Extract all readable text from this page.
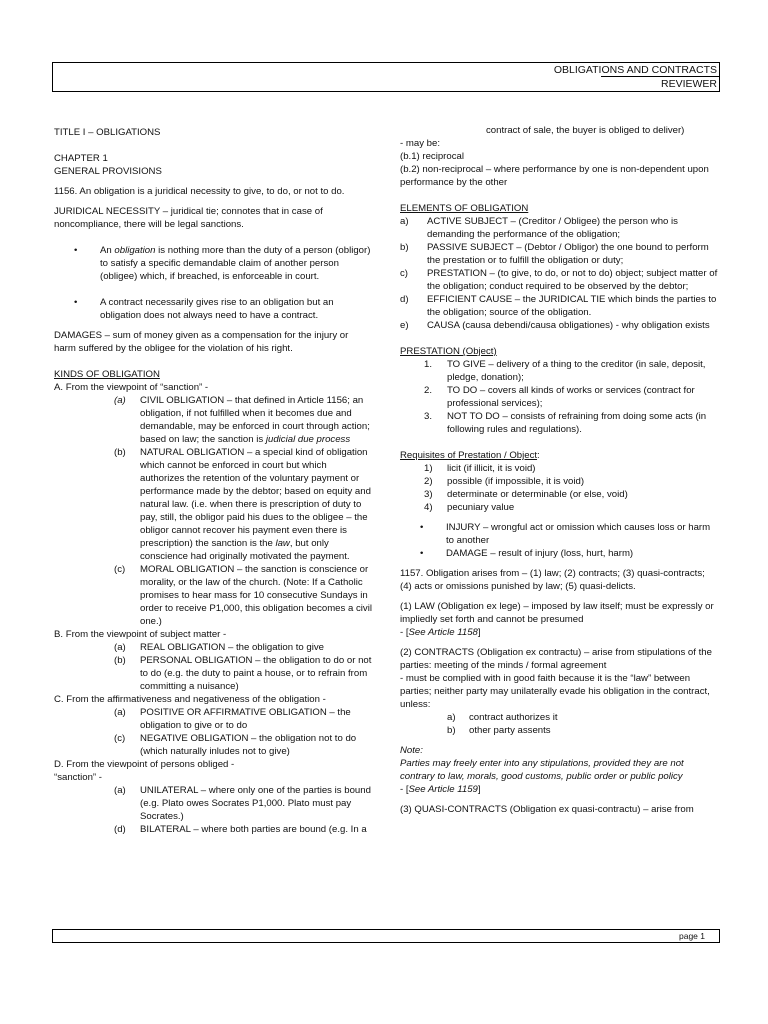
OBLIGATIONS AND CONTRACTS
REVIEWER

TITLE I – OBLIGATIONS

CHAPTER 1

GENERAL PROVISIONS

1156. An obligation is a juridical necessity to give, to do, or not to do.

JURIDICAL NECESSITY – juridical tie; connotes that in case of noncompliance, there will be legal sanctions.

• An obligation is nothing more than the duty of a person (obligor) to satisfy a specific demandable claim of another person (obligee) which, if breached, is enforceable in court.
• A contract necessarily gives rise to an obligation but an obligation does not always need to have a contract.

DAMAGES – sum of money given as a compensation for the injury or harm suffered by the obligee for the violation of his right.

KINDS OF OBLIGATION

A. From the viewpoint of “sanction” -

(a) CIVIL OBLIGATION – that defined in Article 1156; an obligation, if not fulfilled when it becomes due and demandable, may be enforced in court through action; based on law; the sanction is judicial due process
(b) NATURAL OBLIGATION – a special kind of obligation which cannot be enforced in court but which authorizes the retention of the voluntary payment or performance made by the debtor; based on equity and natural law. (i.e. when there is prescription of duty to pay, still, the obligor paid his dues to the obligee – the obligor cannot recover his payment even there is prescription) the sanction is the law, but only conscience had originally motivated the payment.
(c) MORAL OBLIGATION – the sanction is conscience or morality, or the law of the church. (Note: If a Catholic promises to hear mass for 10 consecutive Sundays in order to receive P1,000, this obligation becomes a civil one.)

B. From the viewpoint of subject matter -

(a) REAL OBLIGATION – the obligation to give
(b) PERSONAL OBLIGATION – the obligation to do or not to do (e.g. the duty to paint a house, or to refrain from committing a nuisance)

C. From the affirmativeness and negativeness of the obligation -

(a) POSITIVE OR AFFIRMATIVE OBLIGATION – the obligation to give or to do
(c) NEGATIVE OBLIGATION – the obligation not to do (which naturally inludes not to give)

D. From the viewpoint of persons obliged -

“sanction” -

(a) UNILATERAL – where only one of the parties is bound (e.g. Plato owes Socrates P1,000. Plato must pay Socrates.)
(d) BILATERAL – where both parties are bound (e.g. In a

contract of sale, the buyer is obliged to deliver)

- may be:

(b.1) reciprocal

(b.2) non-reciprocal – where performance by one is non-dependent upon performance by the other

ELEMENTS OF OBLIGATION

a) ACTIVE SUBJECT – (Creditor / Obligee) the person who is demanding the performance of the obligation;
b) PASSIVE SUBJECT – (Debtor / Obligor) the one bound to perform the prestation or to fulfill the obligation or duty;
c) PRESTATION – (to give, to do, or not to do) object; subject matter of the obligation; conduct required to be observed by the debtor;
d) EFFICIENT CAUSE – the JURIDICAL TIE which binds the parties to the obligation; source of the obligation.
e) CAUSA (causa debendi/causa obligationes) - why obligation exists

PRESTATION (Object)

1. TO GIVE – delivery of a thing to the creditor (in sale, deposit, pledge, donation);
2. TO DO – covers all kinds of works or services (contract for professional services);
3. NOT TO DO – consists of refraining from doing some acts (in following rules and regulations).

Requisites of Prestation / Object:

1) licit (if illicit, it is void)
2) possible (if impossible, it is void)
3) determinate or determinable (or else, void)
4) pecuniary value
• INJURY – wrongful act or omission which causes loss or harm to another
• DAMAGE – result of injury (loss, hurt, harm)

1157. Obligation arises from – (1) law; (2) contracts; (3) quasi-contracts; (4) acts or omissions punished by law; (5) quasi-delicts.

(1) LAW (Obligation ex lege) – imposed by law itself; must be expressly or impliedly set forth and cannot be presumed

- [See Article 1158]

(2) CONTRACTS (Obligation ex contractu) – arise from stipulations of the parties: meeting of the minds / formal agreement

- must be complied with in good faith because it is the “law” between parties; neither party may unilaterally evade his obligation in the contract, unless:

a) contract authorizes it
b) other party assents

Note:

Parties may freely enter into any stipulations, provided they are not contrary to law, morals, good customs, public order or public policy

- [See Article 1159]

(3) QUASI-CONTRACTS (Obligation ex quasi-contractu) – arise from

page 1
